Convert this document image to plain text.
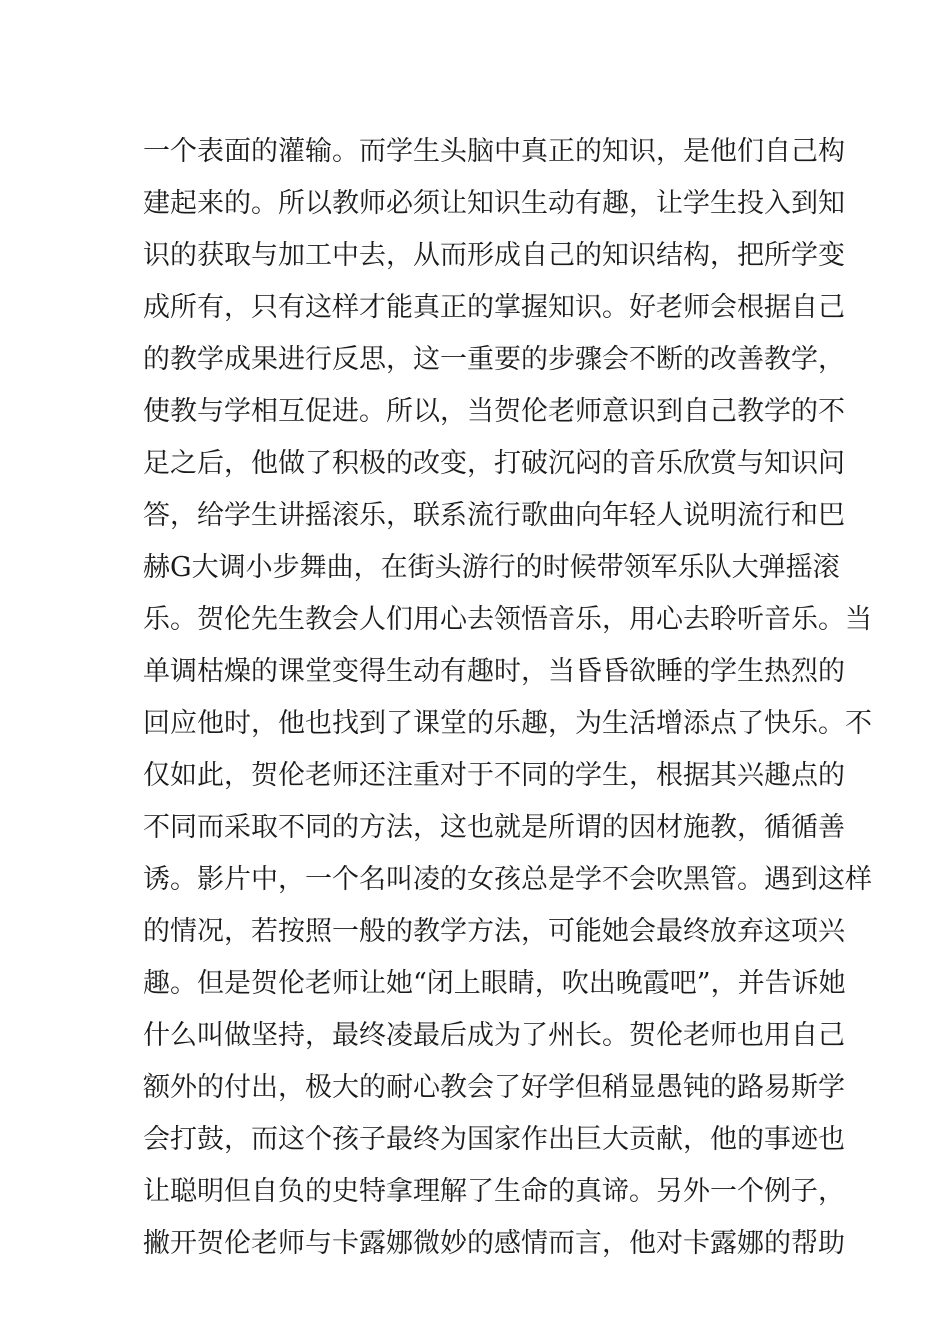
一个表面的灌输。而学生头脑中真正的知识，是他们自己构
建起来的。所以教师必须让知识生动有趣，让学生投入到知
识的获取与加工中去，从而形成自己的知识结构，把所学变
成所有，只有这样才能真正的掌握知识。好老师会根据自己
的教学成果进行反思，这一重要的步骤会不断的改善教学，
使教与学相互促进。所以，当贺伦老师意识到自己教学的不
足之后，他做了积极的改变，打破沉闷的音乐欣赏与知识问
答，给学生讲摇滚乐，联系流行歌曲向年轻人说明流行和巴
赫G大调小步舞曲，在街头游行的时候带领军乐队大弹摇滚
乐。贺伦先生教会人们用心去领悟音乐，用心去聆听音乐。当
单调枯燥的课堂变得生动有趣时，当昏昏欲睡的学生热烈的
回应他时，他也找到了课堂的乐趣，为生活增添点了快乐。不
仅如此，贺伦老师还注重对于不同的学生，根据其兴趣点的
不同而采取不同的方法，这也就是所谓的因材施教，循循善
诱。影片中，一个名叫凌的女孩总是学不会吹黑管。遇到这样
的情况，若按照一般的教学方法，可能她会最终放弃这项兴
趣。但是贺伦老师让她“闭上眼睛，吹出晚霞吧”，并告诉她
什么叫做坚持，最终凌最后成为了州长。贺伦老师也用自己
额外的付出，极大的耐心教会了好学但稍显愚钝的路易斯学
会打鼓，而这个孩子最终为国家作出巨大贡献，他的事迹也
让聪明但自负的史特拿理解了生命的真谛。另外一个例子，
撇开贺伦老师与卡露娜微妙的感情而言，他对卡露娜的帮助
